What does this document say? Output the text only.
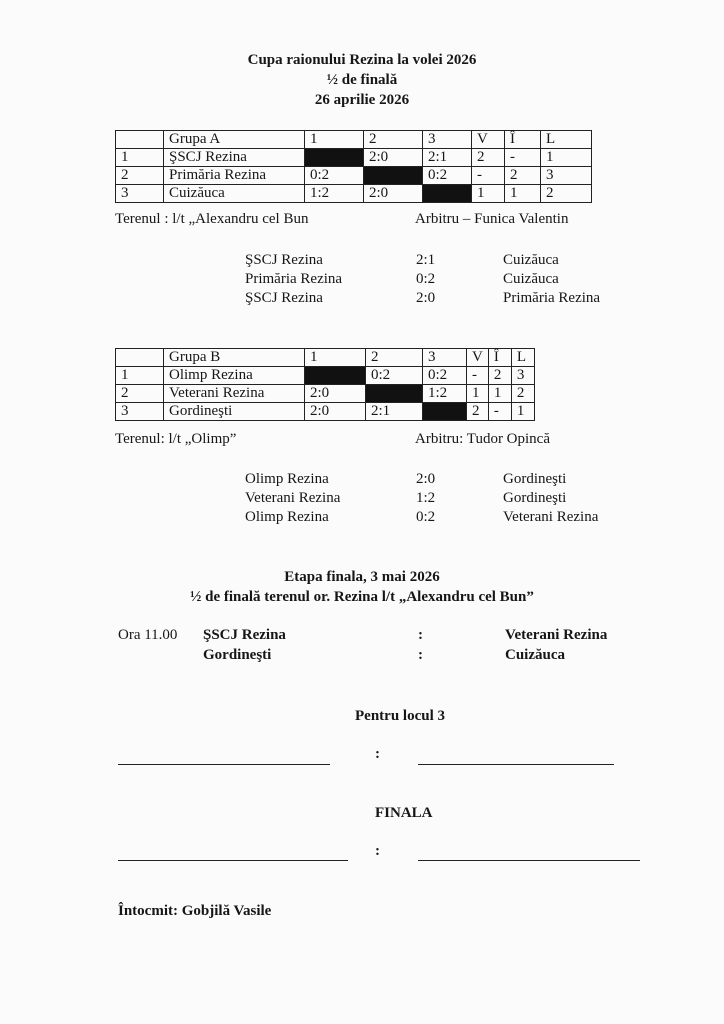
Cupa raionului Rezina la volei 2026
½ de finală
26 aprilie 2026
	Grupa A	1	2	3	V	Î	L
1	ŞSCJ Rezina		2:0	2:1	2	-	1
2	Primăria Rezina	0:2		0:2	-	2	3
3	Cuizăuca	1:2	2:0		1	1	2
Terenul : l/t „Alexandru cel Bun	Arbitru – Funica Valentin
ŞSCJ Rezina	2:1	Cuizăuca
Primăria Rezina	0:2	Cuizăuca
ŞSCJ Rezina	2:0	Primăria Rezina
	Grupa B	1	2	3	V	Î	L
1	Olimp Rezina		0:2	0:2	-	2	3
2	Veterani Rezina	2:0		1:2	1	1	2
3	Gordineşti	2:0	2:1		2	-	1
Terenul: l/t „Olimp”	Arbitru: Tudor Opincă
Olimp Rezina	2:0	Gordineşti
Veterani Rezina	1:2	Gordineşti
Olimp Rezina	0:2	Veterani Rezina
Etapa finala, 3 mai 2026
½ de finală terenul or. Rezina l/t „Alexandru cel Bun”
Ora 11.00 ŞSCJ Rezina	:	Veterani Rezina
Gordineşti	:	Cuizăuca
Pentru locul 3
:
FINALA
:
Întocmit: Gobjilă Vasile
